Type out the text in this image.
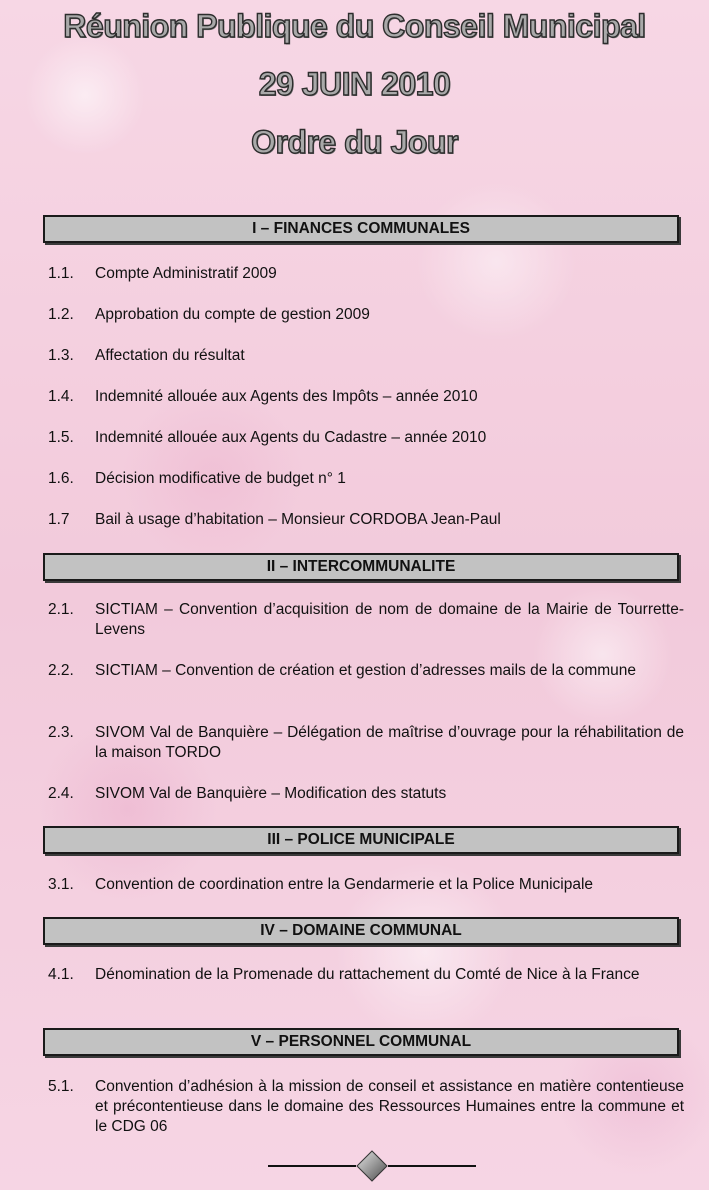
Réunion Publique du Conseil Municipal
29 JUIN 2010
Ordre du Jour
I – FINANCES COMMUNALES
1.1.	Compte Administratif 2009
1.2.	Approbation du compte de gestion 2009
1.3.	Affectation du résultat
1.4.	Indemnité allouée aux Agents des Impôts – année 2010
1.5.	Indemnité allouée aux Agents du Cadastre – année 2010
1.6.	Décision modificative de budget n° 1
1.7	Bail à usage d’habitation – Monsieur CORDOBA Jean-Paul
II – INTERCOMMUNALITE
2.1.	SICTIAM – Convention d’acquisition de nom de domaine de la Mairie de Tourrette-Levens
2.2.	SICTIAM – Convention de création et gestion d’adresses mails de la commune
2.3.	SIVOM Val de Banquière – Délégation de maîtrise d’ouvrage pour la réhabilitation de la maison TORDO
2.4.	SIVOM Val de Banquière – Modification des statuts
III – POLICE MUNICIPALE
3.1.	Convention de coordination entre la Gendarmerie et la Police Municipale
IV – DOMAINE COMMUNAL
4.1.	Dénomination de la Promenade du rattachement du Comté de Nice à la France
V – PERSONNEL COMMUNAL
5.1.	Convention d’adhésion à la mission de conseil et assistance en matière contentieuse et précontentieuse dans le domaine des Ressources Humaines entre la commune et le CDG 06
